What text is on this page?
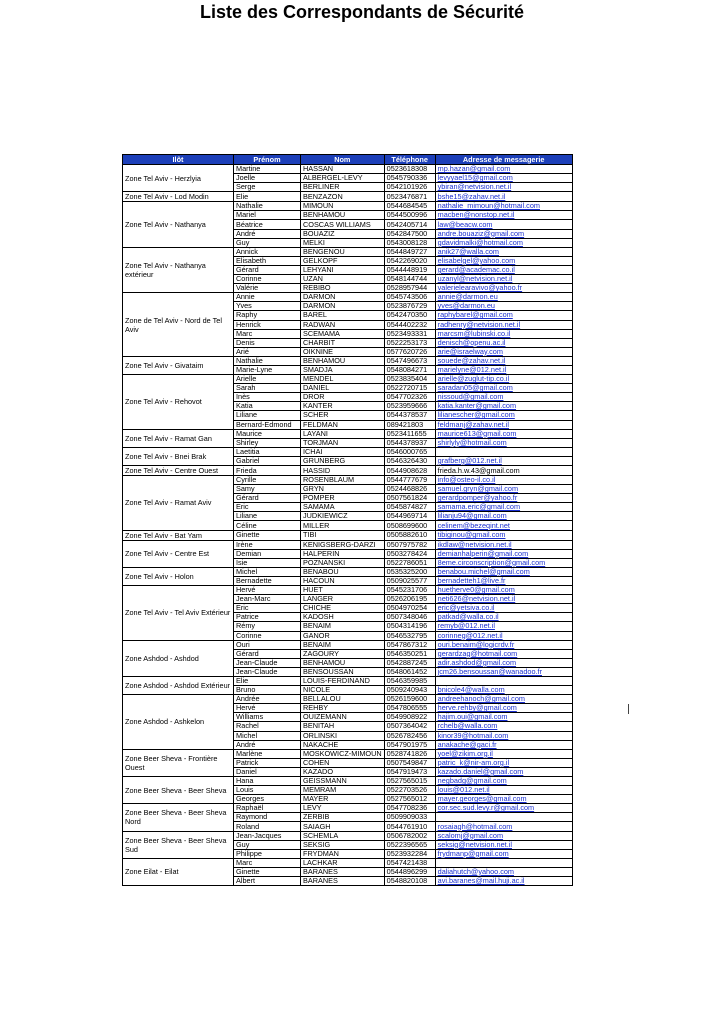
Liste des Correspondants de Sécurité
Ilôt	Prénom	Nom	Téléphone	Adresse de messagerie
Zone Tel Aviv - Herzlyia	Martine	HASSAN	0523618308	mp.hazan@gmail.com
	Joelle	ALBERGEL-LEVY	0545790336	levyyael15@gmail.com
	Serge	BERLINER	0542101926	ybiran@netvision.net.il
Zone Tel Aviv - Lod Modin	Elie	BENZAZON	0523476871	bshe15@zahav.net.il
Zone Tel Aviv - Nathanya	Nathalie	MIMOUN	0544684545	nathalie_mimoun@hotmail.com
	Mariel	BENHAMOU	0544500996	macben@nonstop.net.il
	Béatrice	COSCAS WILLIAMS	0542405714	law@beacw.com
	André	BOUAZIZ	0542847500	andre.bouaziz@gmail.com
	Guy	MELKI	0543008128	gdavidmalki@hotmail.com
Zone Tel Aviv - Nathanya extérieur	Annick	BENGENOU	0544849727	anik27@walla.com
	Elisabeth	GELKOPF	0542269020	elisabelgel@yahoo.com
	Gérard	LEHYANI	0544448919	gerard@academac.co.il
	Corinne	UZAN	0548144744	uzanyl@netvision.net.il
	Valérie	REBIBO	0528957944	valerielearavivo@yahoo.fr
Zone de Tel Aviv - Nord de Tel Aviv	Annie	DARMON	0545743506	annie@darmon.eu
	Yves	DARMON	0523876729	yves@darmon.eu
	Raphy	BAREL	0542470350	raphybarel@gmail.com
	Henrick	RADWAN	0544402232	radhenry@netvision.net.il
	Marc	SCEMAMA	0523493331	marcsm@lubinski.co.il
	Denis	CHARBIT	0522253173	denisch@openu.ac.il
	Arié	OIKNINE	0577620726	arie@israelway.com
Zone Tel Aviv - Givataim	Nathalie	BENHAMOU	0547496673	souede@zahav.net.il
	Marie-Lyne	SMADJA	0548084271	marielyne@012.net.il
Zone Tel Aviv - Rehovot	Arielle	MENDEL	0523835404	arielle@zuglut-tip.co.il
	Sarah	DANIEL	0522720715	saradan05@gmail.com
	Inès	DROR	0547702326	nissoud@gmail.com
	Katia	KANTER	0523959666	katia.kanter@gmail.com
	Liliane	SCHER	0544378537	lilianescher@gmail.com
	Bernard-Edmond	FELDMAN	089421803	feldmanj@zahav.net.il
Zone Tel Aviv - Ramat Gan	Maurice	LAYANI	0523411655	maurice613@gmail.com
	Shirley	TORJMAN	0544378937	shirlyly@hotmail.com
Zone Tel Aviv - Bnei Brak	Laetitia	ICHAI	0546000765	
	Gabriel	GRUNBERG	0546326430	grafberg@012.net.il
Zone Tel Aviv - Centre Ouest	Frieda	HASSID	0544908628	frieda.h.w.43@gmail.com
Zone Tel Aviv - Ramat Aviv	Cyrille	ROSENBLAUM	0544777679	info@osteo-il.co.il
	Samy	GRYN	0524468826	samuel.gryn@gmail.com
	Gérard	POMPER	0507561824	gerardpomper@yahoo.fr
	Eric	SAMAMA	0545874827	samama.eric@gmail.com
	Liliane	JUDKIEWICZ	0544969714	lilianju94@gmail.com
	Céline	MILLER	0508699600	celinem@bezeqint.net
Zone Tel Aviv - Bat Yam	Ginette	TIBI	0505882610	tibiginou@gmail.com
Zone Tel Aviv - Centre Est	Irène	KENIGSBERG-DARZI	0507975782	ikdlaw@netvision.net.il
	Demian	HALPERIN	0503278424	demianhalperin@gmail.com
	Isie	POZNANSKI	0522786051	8eme.circonscription@gmail.com
Zone Tel Aviv - Holon	Michel	BENABOU	0535325200	benabou.michel@gmail.com
	Bernadette	HACOUN	0509025577	bernadetteh1@live.fr
Zone Tel Aviv - Tel Aviv Extérieur	Hervé	HUET	0545231706	huetherve0@gmail.com
	Jean-Marc	LANGER	0526206195	neti626@netvision.net.il
	Eric	CHICHE	0504970254	eric@yetsiva.co.il
	Patrice	KADOSH	0507348046	patkad@walla.co.il
	Rémy	BENAIM	0504314196	remyb@012.net.il
	Corinne	GANOR	0546532795	corinneg@012.net.il
Zone Ashdod - Ashdod	Ouri	BENAIM	0547867312	ouri.benaim@logicrdv.fr
	Gérard	ZAGOURY	0546350251	gerardzag@hotmail.com
	Jean-Claude	BENHAMOU	0542887245	adir.ashdod@gmail.com
	Jean-Claude	BENSOUSSAN	0548061452	jcm26.bensoussan@wanadoo.fr
Zone Ashdod - Ashdod Extérieur	Elie	LOUIS-FERDINAND	0546359985	
	Bruno	NICOLE	0509240943	bnicole4@walla.com
Zone Ashdod - Ashkelon	Andrée	BELLALOU	0526159600	andreehanoch@gmail.com
	Hervé	REHBY	0547806555	herve.rehby@gmail.com
	Williams	OUIZEMANN	0549908922	hajim.oui@gmail.com
	Rachel	BENITAH	0507364042	rchelb@walla.com
	Michel	ORLINSKI	0526782456	kinor39@hotmail.com
	André	NAKACHE	0547901975	anakache@gaci.fr
Zone Beer Sheva - Frontière Ouest	Marlène	MOSKOWICZ-MIMOUN	0528741826	yoel@zikim.org.il
	Patrick	COHEN	0507549847	patric_k@nir-am.org.il
	Daniel	KAZADO	0547919473	kazado.daniel@gmail.com
Zone Beer Sheva - Beer Sheva	Hana	GEISSMANN	0527565015	negbadg@gmail.com
	Louis	MEMRAM	0522703526	louis@012.net.il
	Georges	MAYER	0527565012	mayer.georges@gmail.com
Zone Beer Sheva - Beer Sheva Nord	Raphaël	LEVY	0547708236	cor.sec.sud.levy.r@gmail.com
	Raymond	ZERBIB	0509909033	
	Roland	SAIAGH	0544761910	rosaiagh@hotmail.com
Zone Beer Sheva - Beer Sheva Sud	Jean-Jacques	SCHEMLA	0506782002	scalomj@gmail.com
	Guy	SEKSIG	0522396565	seksig@netvision.net.il
	Philippe	FRYDMAN	0523932284	frydmanp@gmail.com
Zone Eilat - Eilat	Marc	LACHKAR	0547421438	
	Ginette	BARANES	0544896299	daliahutch@yahoo.com
	Albert	BARANES	0548820108	avi.baranes@mail.huji.ac.il
